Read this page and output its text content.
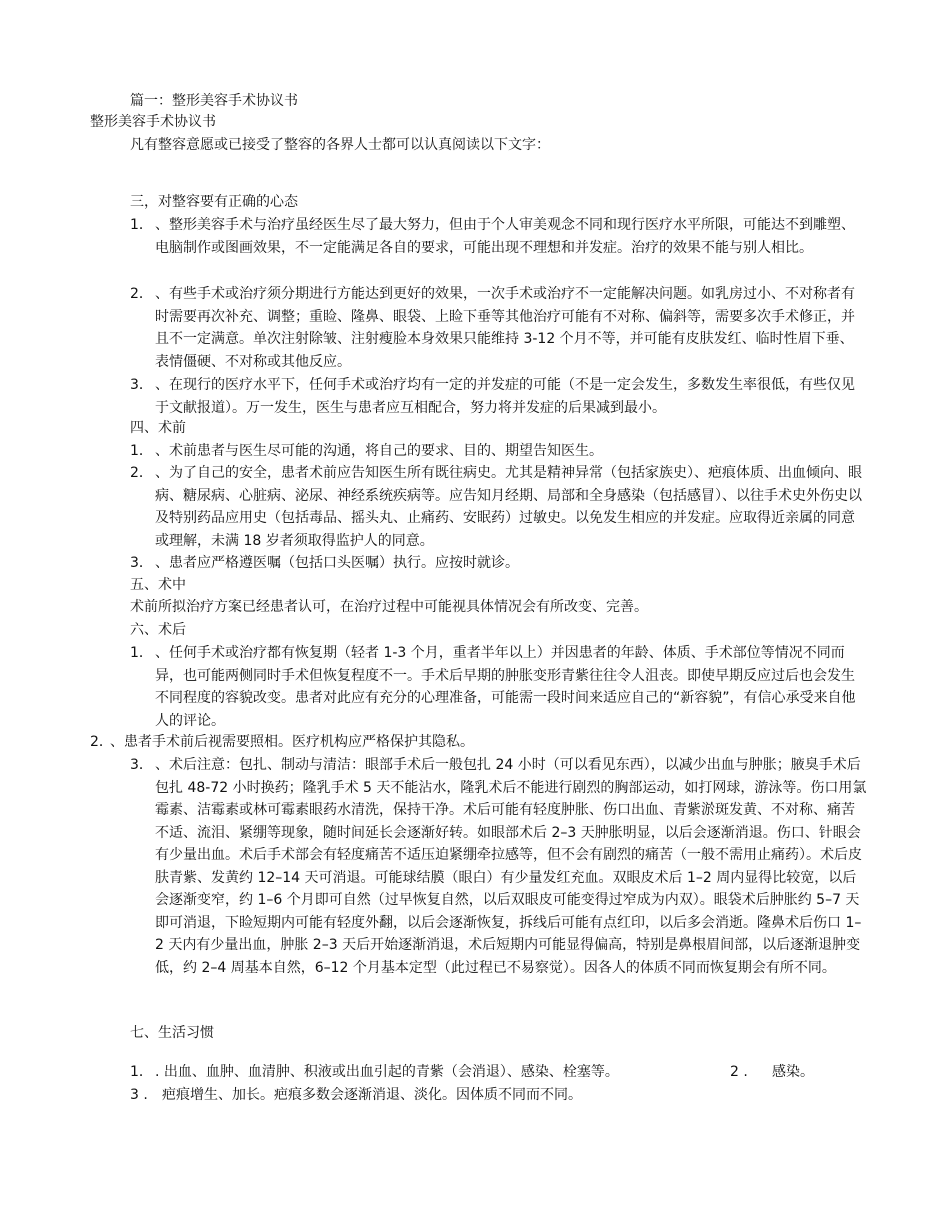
篇一：整形美容手术协议书
整形美容手术协议书
凡有整容意愿或已接受了整容的各界人士都可以认真阅读以下文字：
三，对整容要有正确的心态
1． 、整形美容手术与治疗虽经医生尽了最大努力，但由于个人审美观念不同和现行医疗水平所限，可能达不到雕塑、电脑制作或图画效果，不一定能满足各自的要求，可能出现不理想和并发症。治疗的效果不能与别人相比。
2． 、有些手术或治疗须分期进行方能达到更好的效果，一次手术或治疗不一定能解决问题。如乳房过小、不对称者有时需要再次补充、调整；重睑、隆鼻、眼袋、上睑下垂等其他治疗可能有不对称、偏斜等，需要多次手术修正，并且不一定满意。单次注射除皱、注射瘦脸本身效果只能维持 3-12 个月不等，并可能有皮肤发红、临时性眉下垂、表情僵硬、不对称或其他反应。
3． 、在现行的医疗水平下，任何手术或治疗均有一定的并发症的可能（不是一定会发生，多数发生率很低，有些仅见于文献报道）。万一发生，医生与患者应互相配合，努力将并发症的后果减到最小。
四、术前
1． 、术前患者与医生尽可能的沟通，将自己的要求、目的、期望告知医生。
2． 、为了自己的安全，患者术前应告知医生所有既往病史。尤其是精神异常（包括家族史）、疤痕体质、出血倾向、眼病、糖尿病、心脏病、泌尿、神经系统疾病等。应告知月经期、局部和全身感染（包括感冒）、以往手术史外伤史以及特别药品应用史（包括毒品、摇头丸、止痛药、安眠药）过敏史。以免发生相应的并发症。应取得近亲属的同意或理解，未满 18 岁者须取得监护人的同意。
3． 、患者应严格遵医嘱（包括口头医嘱）执行。应按时就诊。
五、术中
术前所拟治疗方案已经患者认可，在治疗过程中可能视具体情况会有所改变、完善。
六、术后
1． 、任何手术或治疗都有恢复期（轻者 1-3 个月，重者半年以上）并因患者的年龄、体质、手术部位等情况不同而异，也可能两侧同时手术但恢复程度不一。手术后早期的肿胀变形青紫往往令人沮丧。即使早期反应过后也会发生不同程度的容貌改变。患者对此应有充分的心理准备，可能需一段时间来适应自己的“新容貌”，有信心承受来自他人的评论。
2．
、患者手术前后视需要照相。医疗机构应严格保护其隐私。
3． 、术后注意：包扎、制动与清洁：眼部手术后一般包扎 24 小时（可以看见东西），以减少出血与肿胀；腋臭手术后包扎 48-72 小时换药；隆乳手术 5 天不能沾水，隆乳术后不能进行剧烈的胸部运动，如打网球，游泳等。伤口用氯霉素、洁霉素或林可霉素眼药水清洗，保持干净。术后可能有轻度肿胀、伤口出血、青紫淤斑发黄、不对称、痛苦不适、流泪、紧绷等现象，随时间延长会逐渐好转。如眼部术后 2–3 天肿胀明显，以后会逐渐消退。伤口、针眼会有少量出血。术后手术部会有轻度痛苦不适压迫紧绷牵拉感等，但不会有剧烈的痛苦（一般不需用止痛药）。术后皮肤青紫、发黄约 12–14 天可消退。可能球结膜（眼白）有少量发红充血。双眼皮术后 1–2 周内显得比较宽，以后会逐渐变窄，约 1–6 个月即可自然（过早恢复自然，以后双眼皮可能变得过窄成为内双）。眼袋术后肿胀约 5–7 天即可消退，下睑短期内可能有轻度外翻，以后会逐渐恢复，拆线后可能有点红印，以后多会消逝。隆鼻术后伤口 1–2 天内有少量出血，肿胀 2–3 天后开始逐渐消退，术后短期内可能显得偏高，特别是鼻根眉间部，以后逐渐退肿变低，约 2–4 周基本自然，6–12 个月基本定型（此过程已不易察觉）。因各人的体质不同而恢复期会有所不同。
七、生活习惯
1． . 出血、血肿、血清肿、积液或出血引起的青紫（会消退）、感染、栓塞等。	2 . 感染。
3 . 疤痕增生、加长。疤痕多数会逐渐消退、淡化。因体质不同而不同。
